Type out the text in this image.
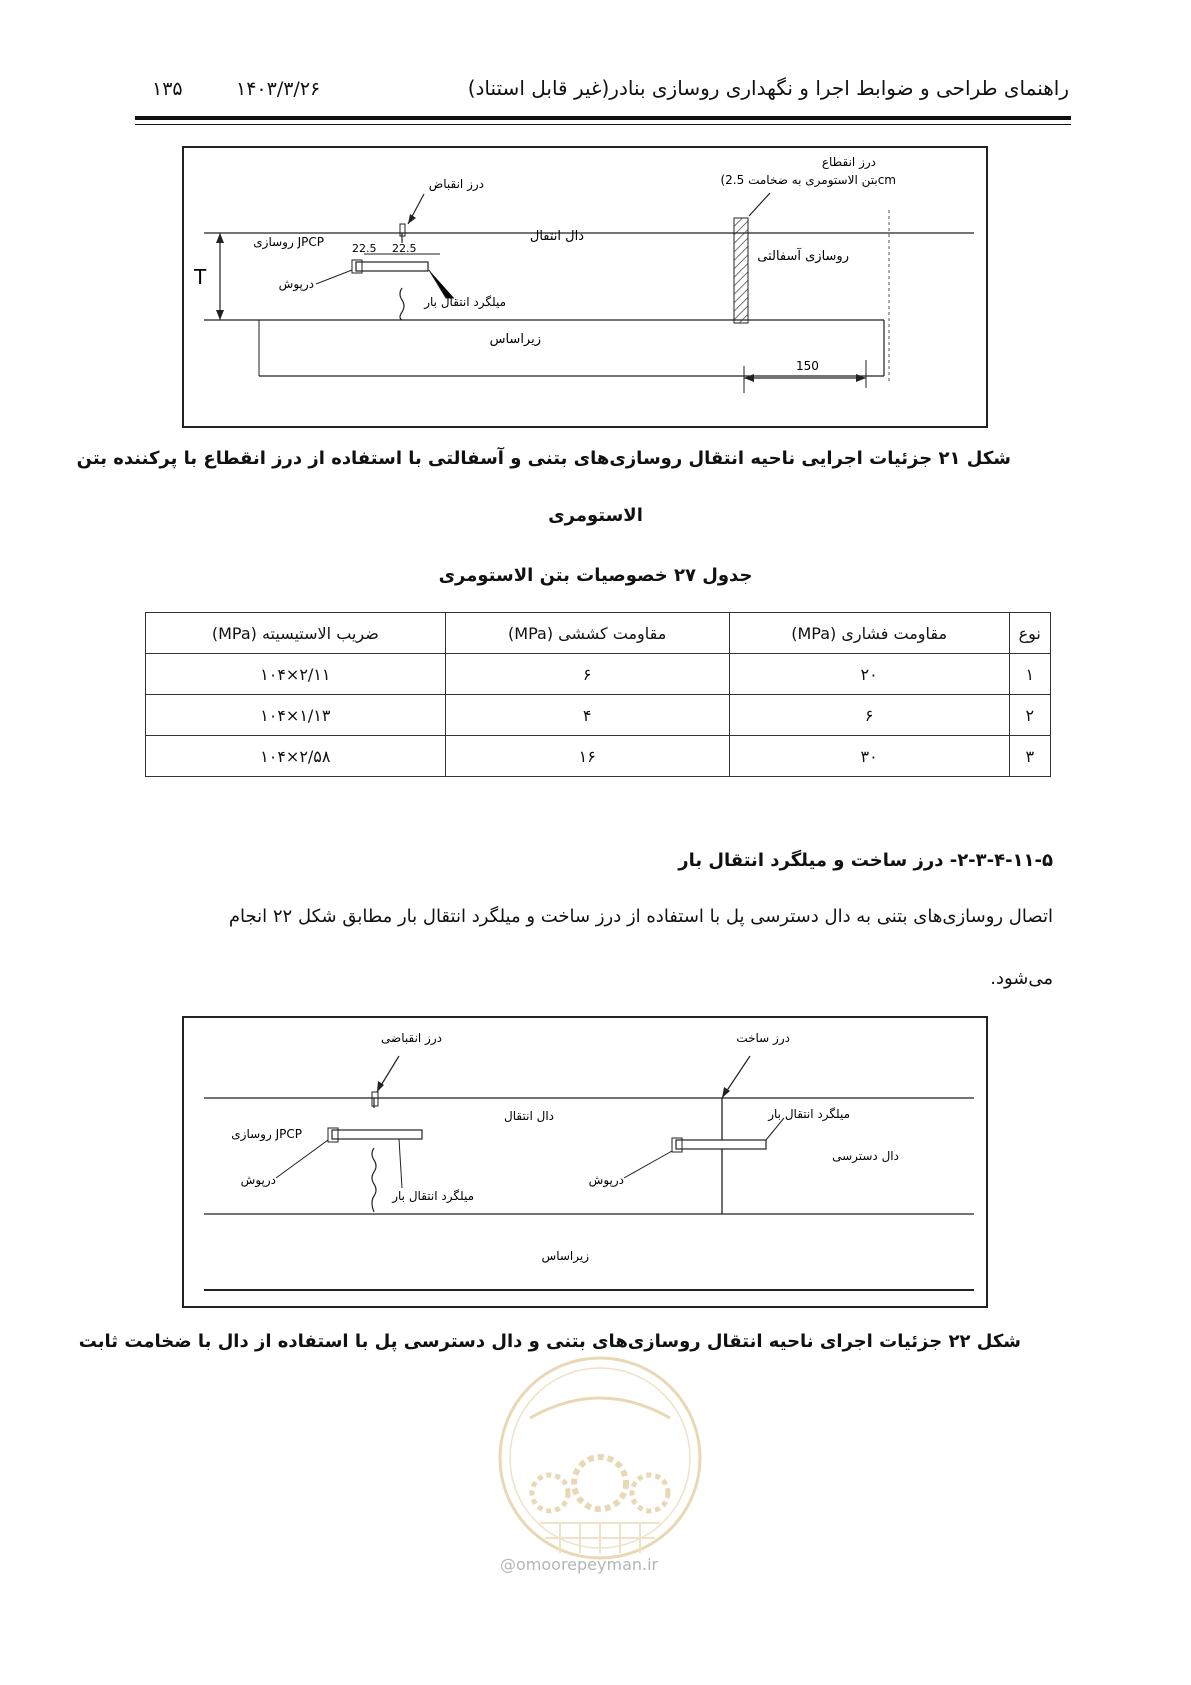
راهنمای طراحی و ضوابط اجرا و نگهداری روسازی بنادر(غیر قابل استناد)
۱۴۰۳/۳/۲۶
۱۳۵
T
150
درز انقطاع
(بتن الاستومری به ضخامت 2.5cm
درز انقباض
دال انتقال
روسازی JPCP	22.5 22.5
روسازی آسفالتی
درپوش
میلگرد انتقال بار
زیراساس
شکل ۲۱ جزئیات اجرایی ناحیه انتقال روسازی‌های بتنی و آسفالتی با استفاده از درز انقطاع با پرکننده بتن
الاستومری
جدول ۲۷ خصوصیات بتن الاستومری
نوع	مقاومت فشاری (MPa)	مقاومت کششی (MPa)	ضریب الاستیسیته (MPa)
۱	۲۰	۶	۲/۱۱×۱۰۴
۲	۶	۴	۱/۱۳×۱۰۴
۳	۳۰	۱۶	۲/۵۸×۱۰۴
۲-۳-۴-۱۱-۵- درز ساخت و میلگرد انتقال بار
اتصال روسازی‌های بتنی به دال دسترسی پل با استفاده از درز ساخت و میلگرد انتقال بار مطابق شکل ۲۲ انجام
می‌شود.
درز انقباضی	درز ساخت
دال انتقال
روسازی JPCP
درپوش
میلگرد انتقال بار
میلگرد انتقال بار
درپوش
دال دسترسی
زیراساس
شکل ۲۲ جزئیات اجرای ناحیه انتقال روسازی‌های بتنی و دال دسترسی پل با استفاده از دال با ضخامت ثابت
@omoorepeyman.ir
